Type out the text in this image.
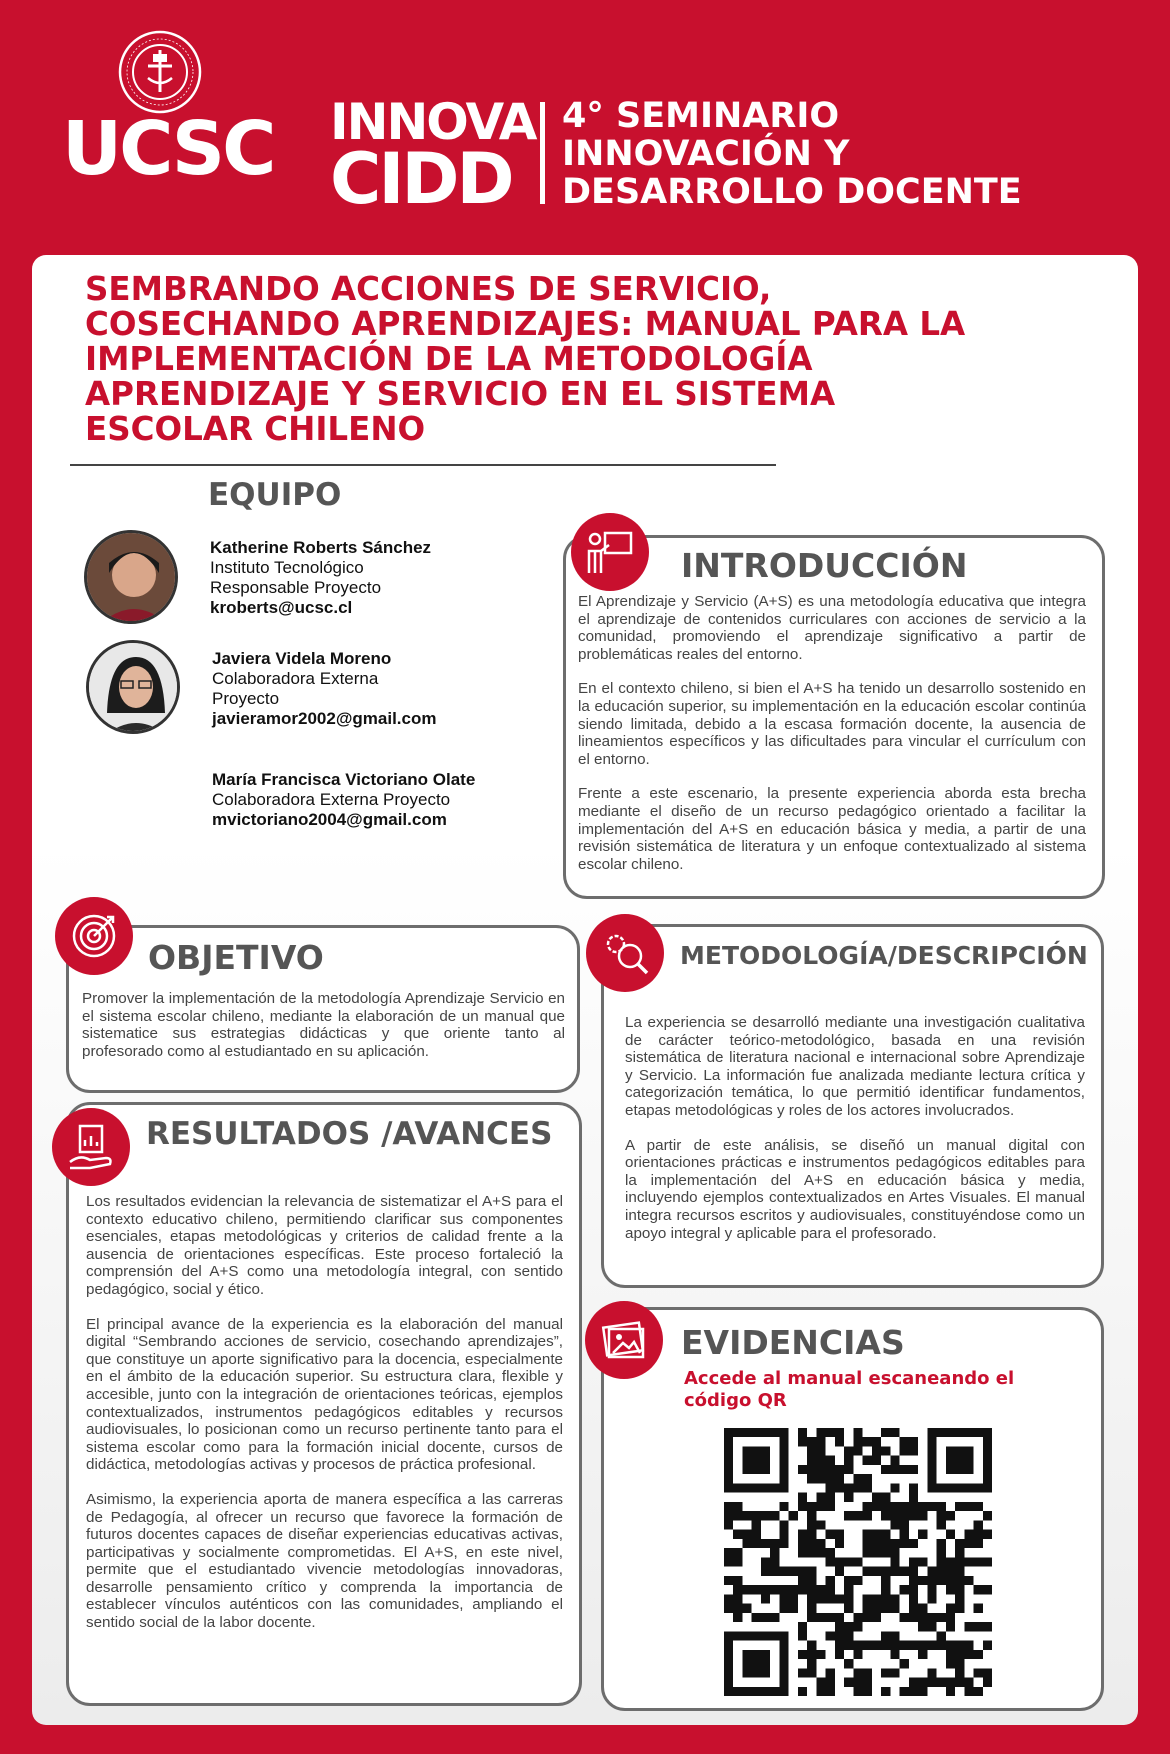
UCSC INNOVA
CIDD
4° SEMINARIO
INNOVACIÓN Y
DESARROLLO DOCENTE
SEMBRANDO ACCIONES DE SERVICIO,
COSECHANDO APRENDIZAJES: MANUAL PARA LA
IMPLEMENTACIÓN DE LA METODOLOGÍA
APRENDIZAJE Y SERVICIO EN EL SISTEMA
ESCOLAR CHILENO
EQUIPO
Katherine Roberts Sánchez
Instituto Tecnológico
Responsable Proyecto
kroberts@ucsc.cl
Javiera Videla Moreno
Colaboradora Externa
Proyecto
javieramor2002@gmail.com
María Francisca Victoriano Olate
Colaboradora Externa Proyecto
mvictoriano2004@gmail.com
INTRODUCCIÓN

El Aprendizaje y Servicio (A+S) es una metodología educativa que integra el aprendizaje de contenidos curriculares con acciones de servicio a la comunidad, promoviendo el aprendizaje significativo a partir de problemáticas reales del entorno.

En el contexto chileno, si bien el A+S ha tenido un desarrollo sostenido en la educación superior, su implementación en la educación escolar continúa siendo limitada, debido a la escasa formación docente, la ausencia de lineamientos específicos y las dificultades para vincular el currículum con el entorno.

Frente a este escenario, la presente experiencia aborda esta brecha mediante el diseño de un recurso pedagógico orientado a facilitar la implementación del A+S en educación básica y media, a partir de una revisión sistemática de literatura y un enfoque contextualizado al sistema escolar chileno.

OBJETIVO

Promover la implementación de la metodología Aprendizaje Servicio en el sistema escolar chileno, mediante la elaboración de un manual que sistematice sus estrategias didácticas y que oriente tanto al profesorado como al estudiantado en su aplicación.

METODOLOGÍA/DESCRIPCIÓN

La experiencia se desarrolló mediante una investigación cualitativa de carácter teórico-metodológico, basada en una revisión sistemática de literatura nacional e internacional sobre Aprendizaje y Servicio. La información fue analizada mediante lectura crítica y categorización temática, lo que permitió identificar fundamentos, etapas metodológicas y roles de los actores involucrados.

A partir de este análisis, se diseñó un manual digital con orientaciones prácticas e instrumentos pedagógicos editables para la implementación del A+S en educación básica y media, incluyendo ejemplos contextualizados en Artes Visuales. El manual integra recursos escritos y audiovisuales, constituyéndose como un apoyo integral y aplicable para el profesorado.

RESULTADOS /AVANCES

Los resultados evidencian la relevancia de sistematizar el A+S para el contexto educativo chileno, permitiendo clarificar sus componentes esenciales, etapas metodológicas y criterios de calidad frente a la ausencia de orientaciones específicas. Este proceso fortaleció la comprensión del A+S como una metodología integral, con sentido pedagógico, social y ético.

El principal avance de la experiencia es la elaboración del manual digital “Sembrando acciones de servicio, cosechando aprendizajes”, que constituye un aporte significativo para la docencia, especialmente en el ámbito de la educación superior. Su estructura clara, flexible y accesible, junto con la integración de orientaciones teóricas, ejemplos contextualizados, instrumentos pedagógicos editables y recursos audiovisuales, lo posicionan como un recurso pertinente tanto para el sistema escolar como para la formación inicial docente, cursos de didáctica, metodologías activas y procesos de práctica profesional.

Asimismo, la experiencia aporta de manera específica a las carreras de Pedagogía, al ofrecer un recurso que favorece la formación de futuros docentes capaces de diseñar experiencias educativas activas, participativas y socialmente comprometidas. El A+S, en este nivel, permite que el estudiantado vivencie metodologías innovadoras, desarrolle pensamiento crítico y comprenda la importancia de establecer vínculos auténticos con las comunidades, ampliando el sentido social de la labor docente.

EVIDENCIAS
Accede al manual escaneando el código QR
